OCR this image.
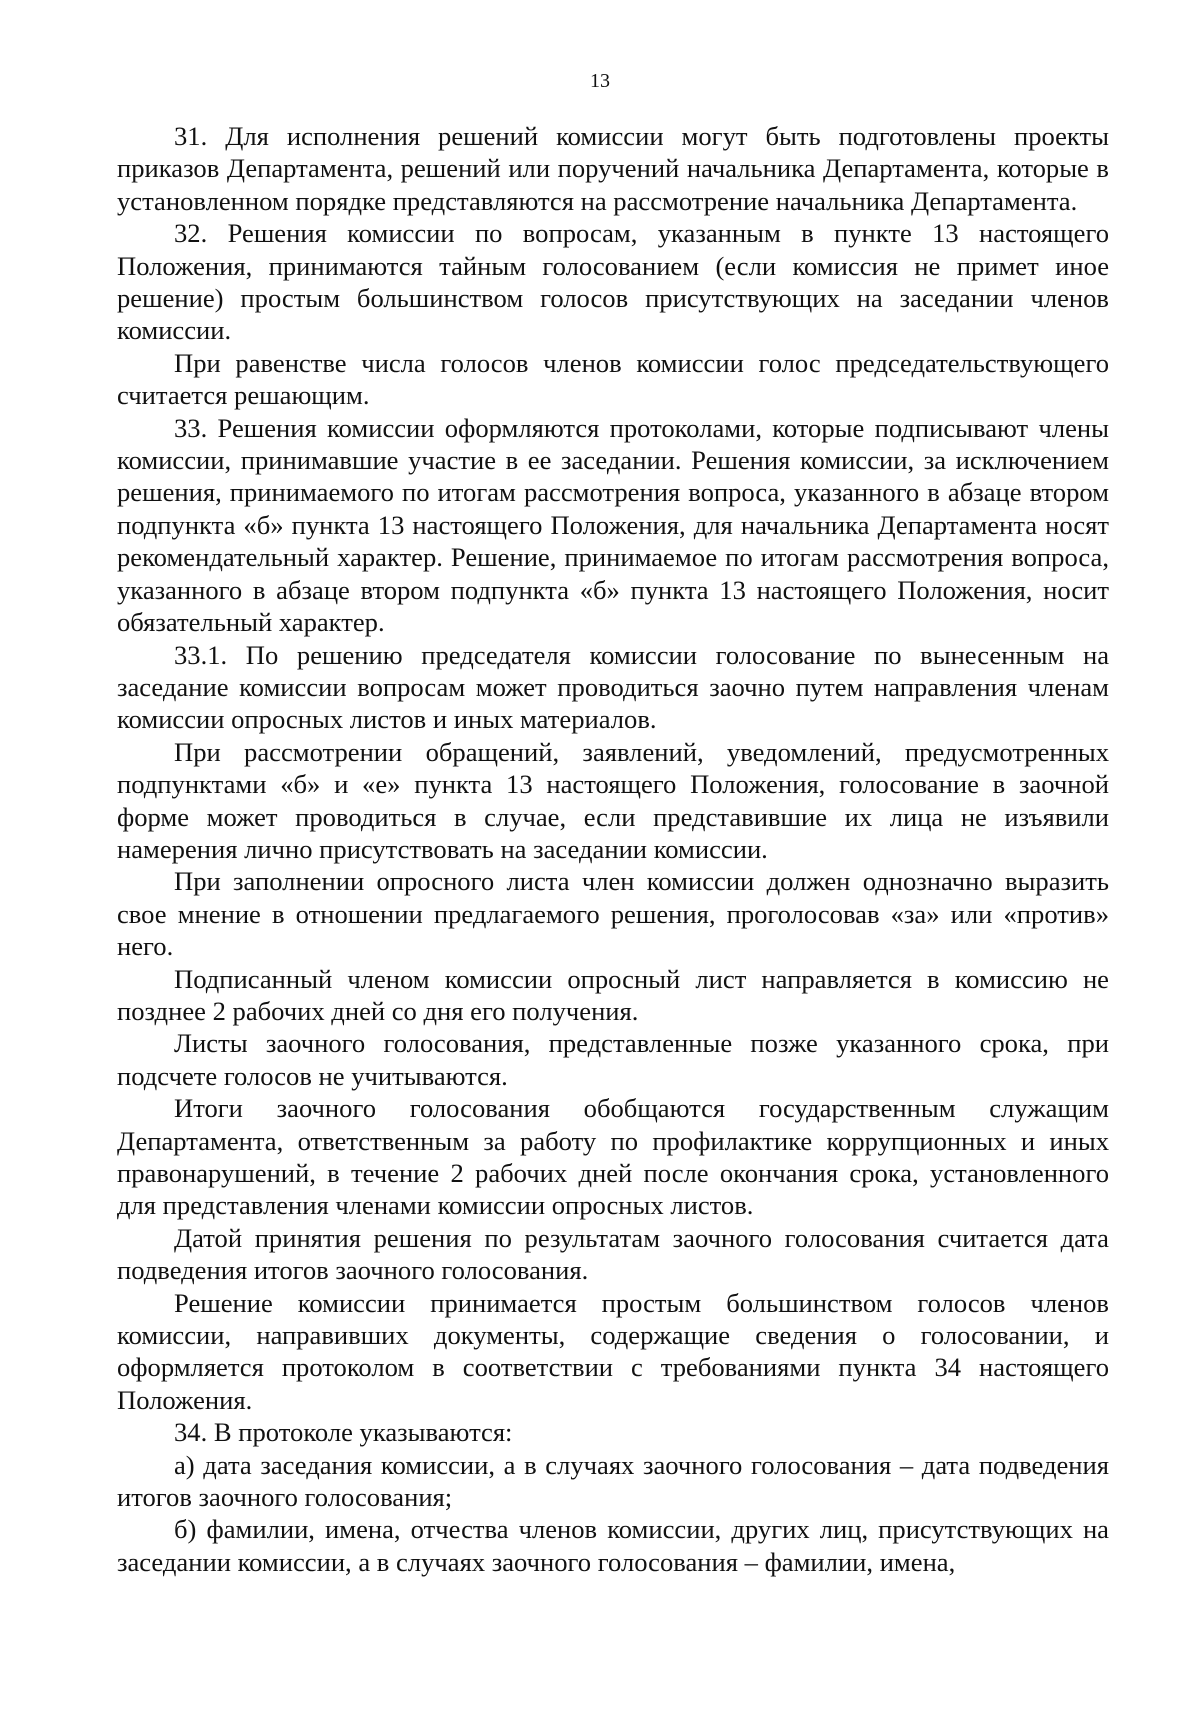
13

31. Для исполнения решений комиссии могут быть подготовлены проекты приказов Департамента, решений или поручений начальника Департамента, которые в установленном порядке представляются на рассмотрение начальника Департамента.

32. Решения комиссии по вопросам, указанным в пункте 13 настоящего Положения, принимаются тайным голосованием (если комиссия не примет иное решение) простым большинством голосов присутствующих на заседании членов комиссии.

При равенстве числа голосов членов комиссии голос председательствующего считается решающим.

33. Решения комиссии оформляются протоколами, которые подписывают члены комиссии, принимавшие участие в ее заседании. Решения комиссии, за исключением решения, принимаемого по итогам рассмотрения вопроса, указанного в абзаце втором подпункта «б» пункта 13 настоящего Положения, для начальника Департамента носят рекомендательный характер. Решение, принимаемое по итогам рассмотрения вопроса, указанного в абзаце втором подпункта «б» пункта 13 настоящего Положения, носит обязательный характер.

33.1. По решению председателя комиссии голосование по вынесенным на заседание комиссии вопросам может проводиться заочно путем направления членам комиссии опросных листов и иных материалов.

При рассмотрении обращений, заявлений, уведомлений, предусмотренных подпунктами «б» и «е» пункта 13 настоящего Положения, голосование в заочной форме может проводиться в случае, если представившие их лица не изъявили намерения лично присутствовать на заседании комиссии.

При заполнении опросного листа член комиссии должен однозначно выразить свое мнение в отношении предлагаемого решения, проголосовав «за» или «против» него.

Подписанный членом комиссии опросный лист направляется в комиссию не позднее 2 рабочих дней со дня его получения.

Листы заочного голосования, представленные позже указанного срока, при подсчете голосов не учитываются.

Итоги заочного голосования обобщаются государственным служащим Департамента, ответственным за работу по профилактике коррупционных и иных правонарушений, в течение 2 рабочих дней после окончания срока, установленного для представления членами комиссии опросных листов.

Датой принятия решения по результатам заочного голосования считается дата подведения итогов заочного голосования.

Решение комиссии принимается простым большинством голосов членов комиссии, направивших документы, содержащие сведения о голосовании, и оформляется протоколом в соответствии с требованиями пункта 34 настоящего Положения.

34. В протоколе указываются:

а) дата заседания комиссии, а в случаях заочного голосования – дата подведения итогов заочного голосования;

б) фамилии, имена, отчества членов комиссии, других лиц, присутствующих на заседании комиссии, а в случаях заочного голосования – фамилии, имена,
